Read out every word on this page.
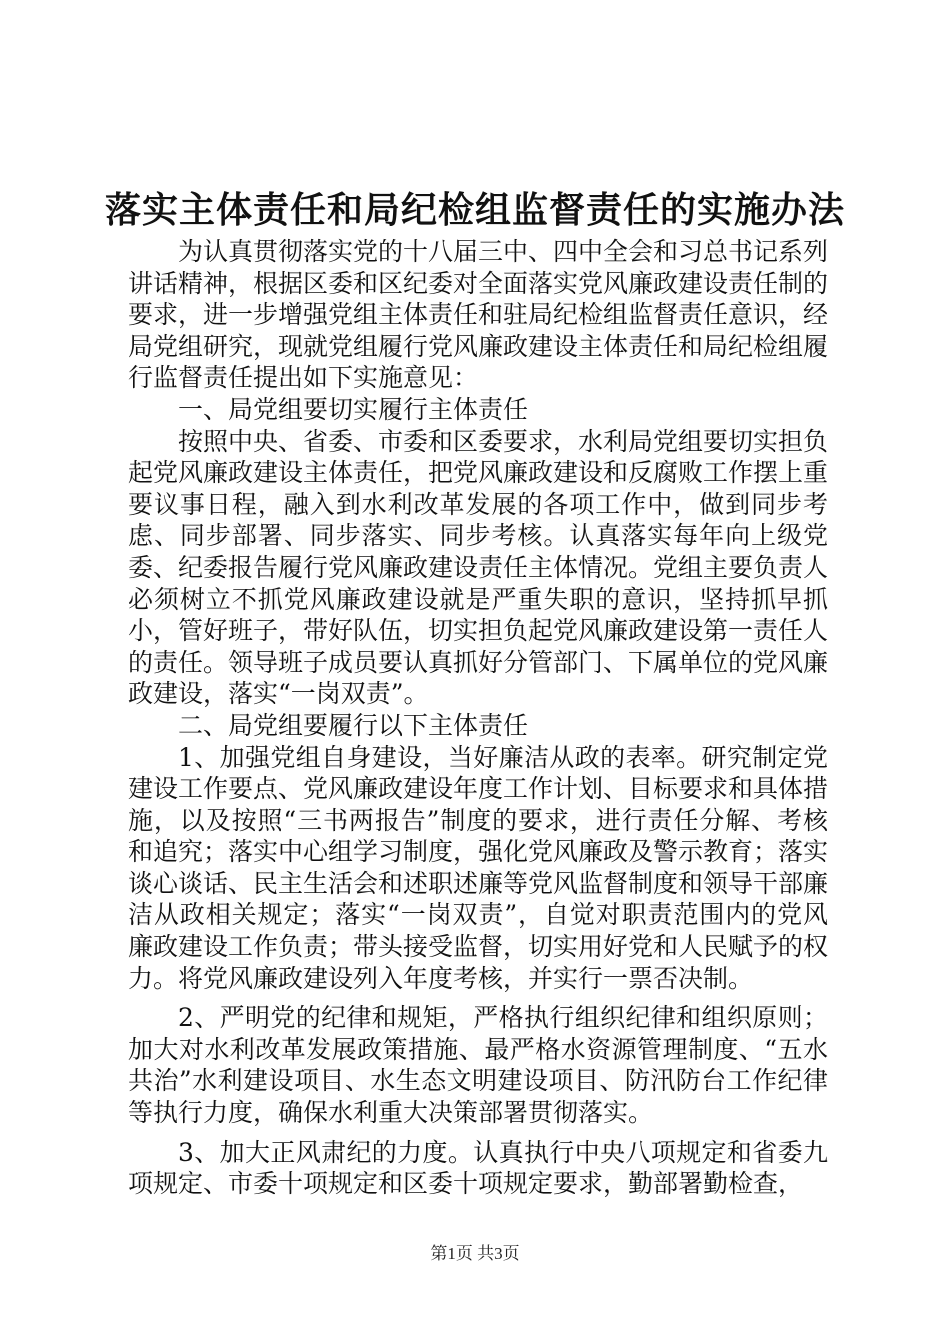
落实主体责任和局纪检组监督责任的实施办法

为认真贯彻落实党的十八届三中、四中全会和习总书记系列讲话精神，根据区委和区纪委对全面落实党风廉政建设责任制的要求，进一步增强党组主体责任和驻局纪检组监督责任意识，经局党组研究，现就党组履行党风廉政建设主体责任和局纪检组履行监督责任提出如下实施意见：

一、局党组要切实履行主体责任

按照中央、省委、市委和区委要求，水利局党组要切实担负起党风廉政建设主体责任，把党风廉政建设和反腐败工作摆上重要议事日程，融入到水利改革发展的各项工作中，做到同步考虑、同步部署、同步落实、同步考核。认真落实每年向上级党委、纪委报告履行党风廉政建设责任主体情况。党组主要负责人必须树立不抓党风廉政建设就是严重失职的意识，坚持抓早抓小，管好班子，带好队伍，切实担负起党风廉政建设第一责任人的责任。领导班子成员要认真抓好分管部门、下属单位的党风廉政建设，落实“一岗双责”。

二、局党组要履行以下主体责任

1、加强党组自身建设，当好廉洁从政的表率。研究制定党建设工作要点、党风廉政建设年度工作计划、目标要求和具体措施，以及按照“三书两报告”制度的要求，进行责任分解、考核和追究；落实中心组学习制度，强化党风廉政及警示教育；落实谈心谈话、民主生活会和述职述廉等党风监督制度和领导干部廉洁从政相关规定；落实“一岗双责”，自觉对职责范围内的党风廉政建设工作负责；带头接受监督，切实用好党和人民赋予的权力。将党风廉政建设列入年度考核，并实行一票否决制。

2、严明党的纪律和规矩，严格执行组织纪律和组织原则；加大对水利改革发展政策措施、最严格水资源管理制度、“五水共治”水利建设项目、水生态文明建设项目、防汛防台工作纪律等执行力度，确保水利重大决策部署贯彻落实。

3、加大正风肃纪的力度。认真执行中央八项规定和省委九项规定、市委十项规定和区委十项规定要求，勤部署勤检查，

第1页 共3页
